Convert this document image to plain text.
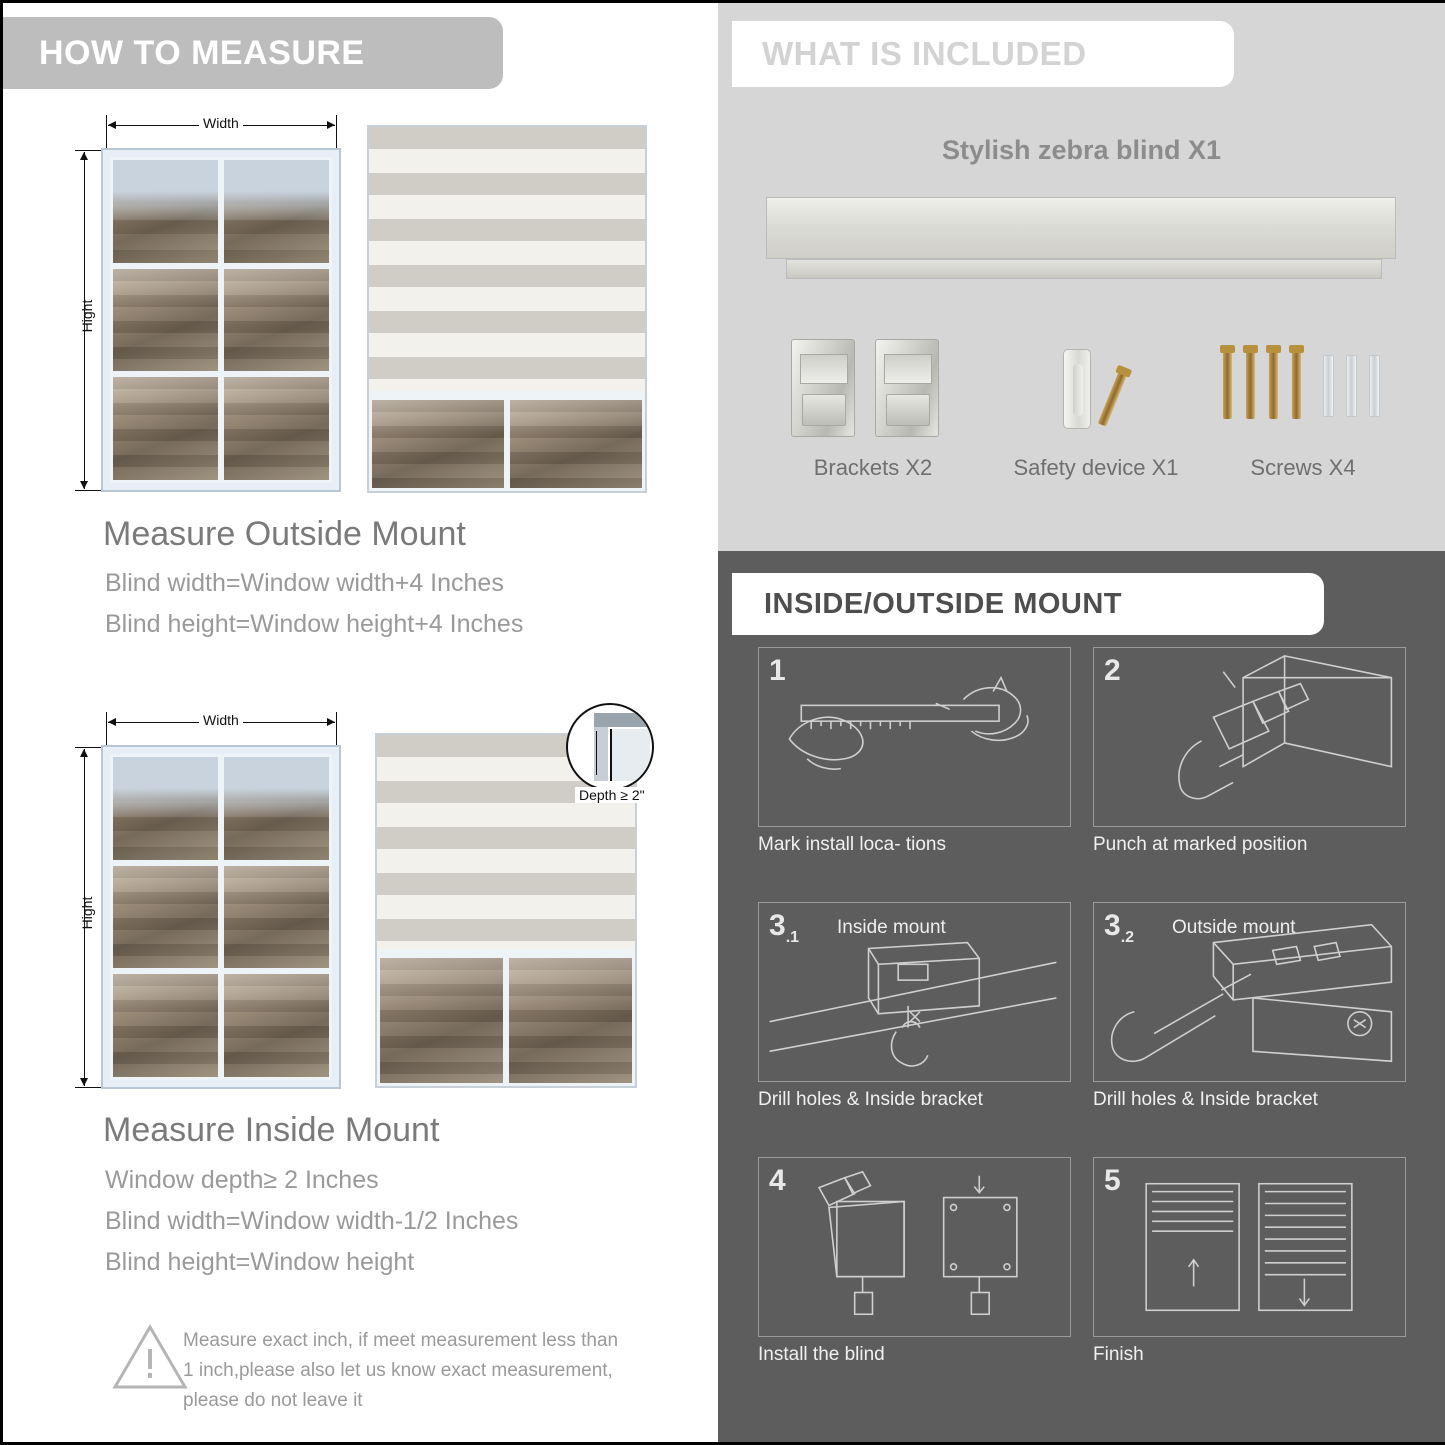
HOW TO MEASURE
Width
Hight
Measure Outside Mount
Blind width=Window width+4 Inches
Blind height=Window height+4 Inches
Width
Hight
Depth ≥ 2"
Measure Inside Mount
Window depth≥ 2 Inches
Blind width=Window width-1/2 Inches
Blind height=Window height
Measure exact inch, if meet measurement less than 1 inch,please also let us know exact measurement, please do not leave it
WHAT IS INCLUDED
Stylish zebra blind X1
Brackets X2	Safety device X1	Screws X4
INSIDE/OUTSIDE MOUNT
1
Mark install loca- tions
2
Punch at marked position
$3_{.1}$ Inside mount
Drill holes & Inside bracket
$3_{.2}$ Outside mount
Drill holes & Inside bracket
4
Install the blind
5
Finish
